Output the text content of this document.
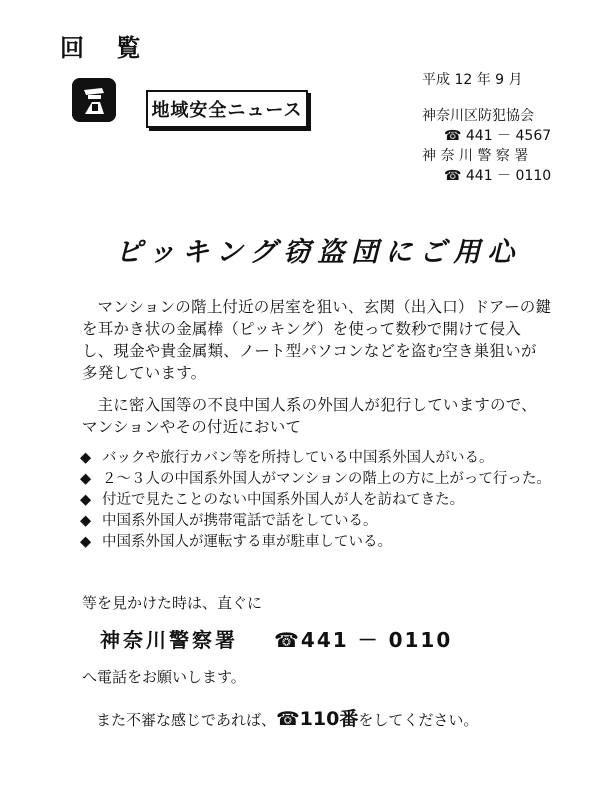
回 覧
地域安全ニュース
平成 12 年 9 月
神奈川区防犯協会
☎ 441 － 4567
神 奈 川 警 察 署
☎ 441 － 0110
ピッキング窃盗団にご用心
マンションの階上付近の居室を狙い、玄関（出入口）ドアーの鍵を耳かき状の金属棒（ピッキング）を使って数秒で開けて侵入し、現金や貴金属類、ノート型パソコンなどを盗む空き巣狙いが多発しています。
主に密入国等の不良中国人系の外国人が犯行していますので、マンションやその付近において
◆ バックや旅行カバン等を所持している中国系外国人がいる。
◆ ２～３人の中国系外国人がマンションの階上の方に上がって行った。
◆ 付近で見たことのない中国系外国人が人を訪ねてきた。
◆ 中国系外国人が携帯電話で話をしている。
◆ 中国系外国人が運転する車が駐車している。
等を見かけた時は、直ぐに
神奈川警察署 ☎441 － 0110
へ電話をお願いします。
また不審な感じであれば、☎110番をしてください。
